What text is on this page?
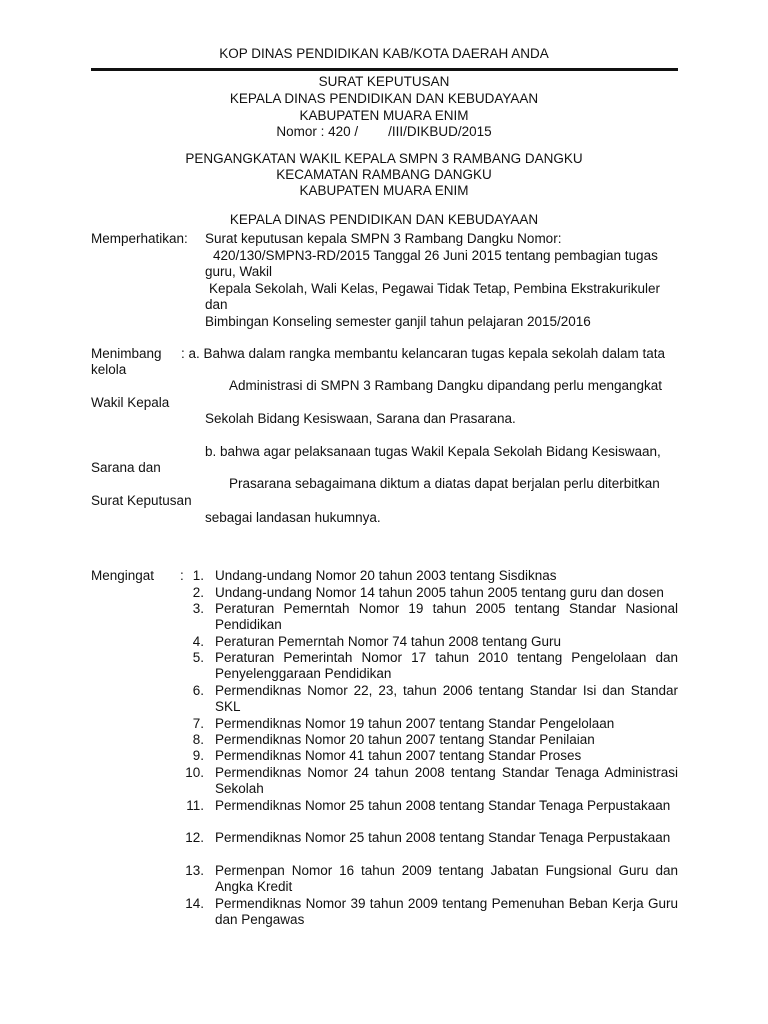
KOP DINAS PENDIDIKAN KAB/KOTA DAERAH ANDA
SURAT KEPUTUSAN
KEPALA DINAS PENDIDIKAN DAN KEBUDAYAAN
KABUPATEN MUARA ENIM
Nomor : 420 /        /III/DIKBUD/2015
PENGANGKATAN WAKIL KEPALA SMPN 3 RAMBANG DANGKU
KECAMATAN RAMBANG DANGKU
KABUPATEN MUARA ENIM
KEPALA DINAS PENDIDIKAN DAN KEBUDAYAAN
Memperhatikan: Surat keputusan kepala SMPN 3 Rambang Dangku Nomor:
420/130/SMPN3-RD/2015 Tanggal 26 Juni 2015 tentang pembagian tugas
guru, Wakil
Kepala Sekolah, Wali Kelas, Pegawai Tidak Tetap, Pembina Ekstrakurikuler
dan
Bimbingan Konseling semester ganjil tahun pelajaran 2015/2016
Menimbang : a. Bahwa dalam rangka membantu kelancaran tugas kepala sekolah dalam tata
kelola
Administrasi di SMPN 3 Rambang Dangku dipandang perlu mengangkat
Wakil Kepala
Sekolah Bidang Kesiswaan, Sarana dan Prasarana.
b. bahwa agar pelaksanaan tugas Wakil Kepala Sekolah Bidang Kesiswaan,
Sarana dan
Prasarana sebagaimana diktum a diatas dapat berjalan perlu diterbitkan
Surat Keputusan
sebagai landasan hukumnya.
Mengingat : 1. Undang-undang Nomor 20 tahun 2003 tentang Sisdiknas
2. Undang-undang Nomor 14 tahun 2005 tahun 2005 tentang guru dan dosen
3. Peraturan Pemerntah Nomor 19 tahun 2005 tentang Standar Nasional Pendidikan
4. Peraturan Pemerntah Nomor 74 tahun 2008 tentang Guru
5. Peraturan Pemerintah Nomor 17 tahun 2010 tentang Pengelolaan dan Penyelenggaraan Pendidikan
6. Permendiknas Nomor 22, 23, tahun 2006 tentang Standar Isi dan Standar SKL
7. Permendiknas Nomor 19 tahun 2007 tentang Standar Pengelolaan
8. Permendiknas Nomor 20 tahun 2007 tentang Standar Penilaian
9. Permendiknas Nomor 41 tahun 2007 tentang Standar Proses
10. Permendiknas Nomor 24 tahun 2008 tentang Standar Tenaga Administrasi Sekolah
11. Permendiknas Nomor 25 tahun 2008 tentang Standar Tenaga Perpustakaan
12. Permendiknas Nomor 25 tahun 2008 tentang Standar Tenaga Perpustakaan
13. Permenpan Nomor 16 tahun 2009 tentang Jabatan Fungsional Guru dan Angka Kredit
14. Permendiknas Nomor 39 tahun 2009 tentang Pemenuhan Beban Kerja Guru dan Pengawas
